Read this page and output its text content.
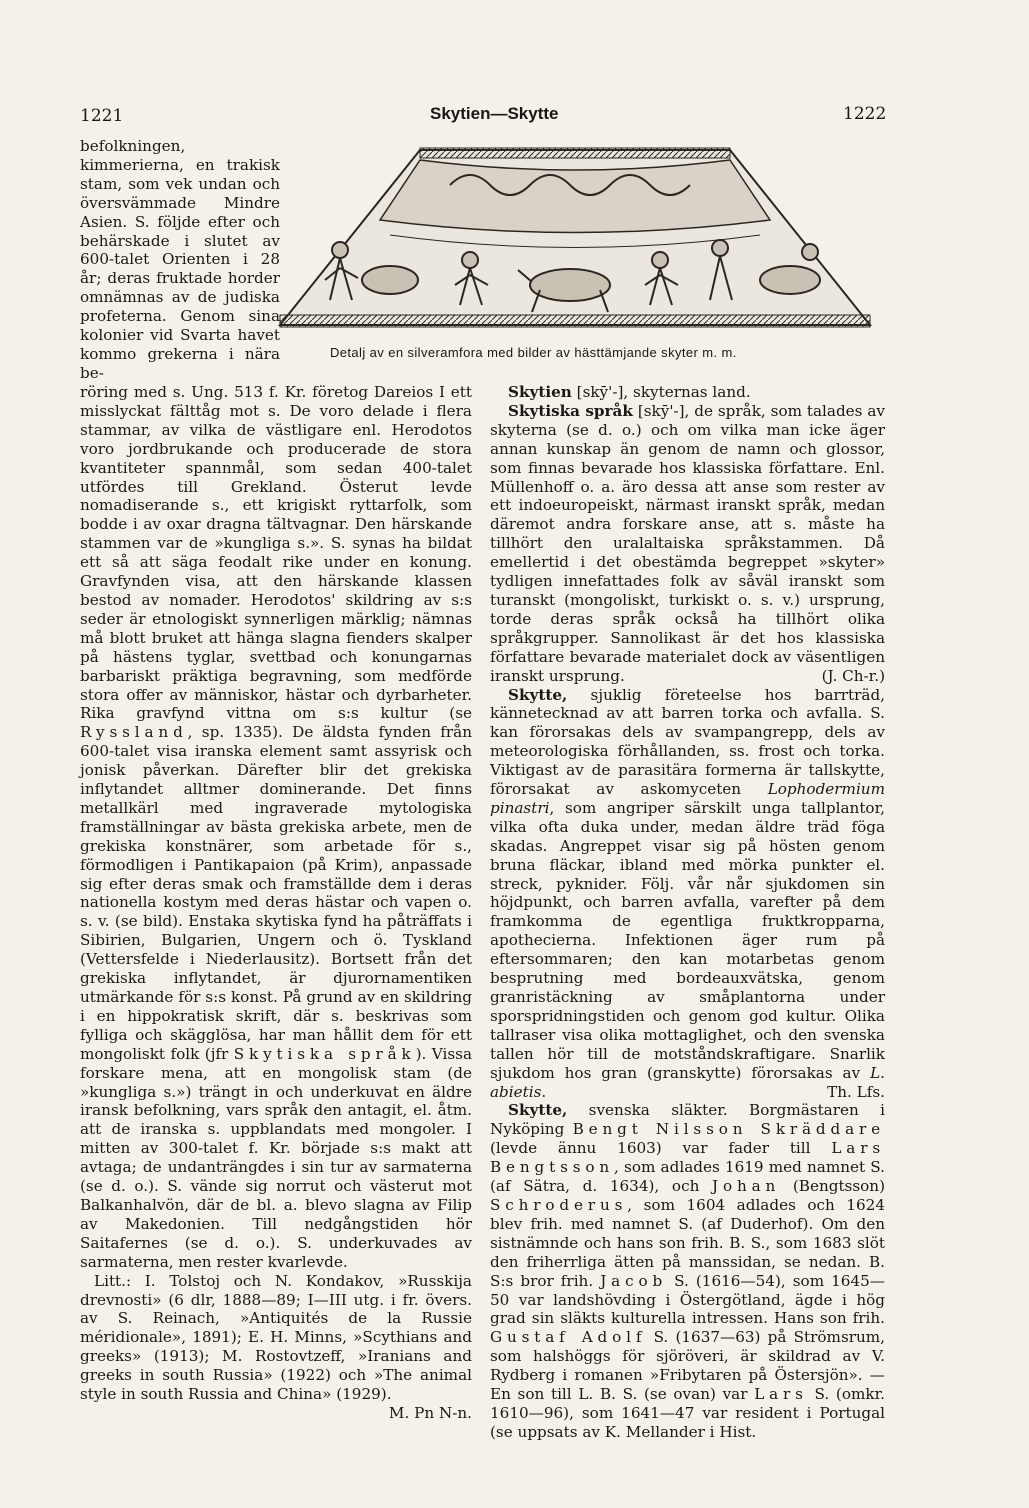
1221	Skytien—Skytte	1222
Detalj av en silveramfora med bilder av hästtämjande skyter m. m.

befolkningen, kimmerierna, en trakisk stam, som vek undan och översvämmade Mindre Asien. S. följde efter och behärskade i slutet av 600-talet Orienten i 28 år; deras fruktade horder omnämnas av de judiska profeterna. Genom sina kolonier vid Svarta havet kommo grekerna i nära be-

röring med s. Ung. 513 f. Kr. företog Dareios I ett misslyckat fälttåg mot s. De voro delade i flera stammar, av vilka de västligare enl. Herodotos voro jordbrukande och producerade de stora kvantiteter spannmål, som sedan 400-talet utfördes till Grekland. Österut levde nomadiserande s., ett krigiskt ryttarfolk, som bodde i av oxar dragna tältvagnar. Den härskande stammen var de »kungliga s.». S. synas ha bildat ett så att säga feodalt rike under en konung. Gravfynden visa, att den härskande klassen bestod av nomader. Herodotos' skildring av s:s seder är etnologiskt synnerligen märklig; nämnas må blott bruket att hänga slagna fienders skalper på hästens tyglar, svettbad och konungarnas barbariskt präktiga begravning, som medförde stora offer av människor, hästar och dyrbarheter. Rika gravfynd vittna om s:s kultur (se Ryssland, sp. 1335). De äldsta fynden från 600-talet visa iranska element samt assyrisk och jonisk påverkan. Därefter blir det grekiska inflytandet alltmer dominerande. Det finns metallkärl med ingraverade mytologiska framställningar av bästa grekiska arbete, men de grekiska konstnärer, som arbetade för s., förmodligen i Pantikapaion (på Krim), anpassade sig efter deras smak och framställde dem i deras nationella kostym med deras hästar och vapen o. s. v. (se bild). Enstaka skytiska fynd ha påträffats i Sibirien, Bulgarien, Ungern och ö. Tyskland (Vettersfelde i Niederlausitz). Bortsett från det grekiska inflytandet, är djurornamentiken utmärkande för s:s konst. På grund av en skildring i en hippokratisk skrift, där s. beskrivas som fylliga och skägglösa, har man hållit dem för ett mongoliskt folk (jfr Skytiska språk). Vissa forskare mena, att en mongolisk stam (de »kungliga s.») trängt in och underkuvat en äldre iransk befolkning, vars språk den antagit, el. åtm. att de iranska s. uppblandats med mongoler. I mitten av 300-talet f. Kr. började s:s makt att avtaga; de undanträngdes i sin tur av sarmaterna (se d. o.). S. vände sig norrut och västerut mot Balkanhalvön, där de bl. a. blevo slagna av Filip av Makedonien. Till nedgångstiden hör Saitafernes (se d. o.). S. underkuvades av sarmaterna, men rester kvarlevde.

Litt.: I. Tolstoj och N. Kondakov, »Russkija drevnosti» (6 dlr, 1888—89; I—III utg. i fr. övers. av S. Reinach, »Antiquités de la Russie méridionale», 1891); E. H. Minns, »Scythians and greeks» (1913); M. Rostovtzeff, »Iranians and greeks in south Russia» (1922) och »The animal style in south Russia and China» (1929).
M. Pn N-n.

Skytien [skȳ'-], skyternas land.

Skytiska språk [skȳ'-], de språk, som talades av skyterna (se d. o.) och om vilka man icke äger annan kunskap än genom de namn och glossor, som finnas bevarade hos klassiska författare. Enl. Müllenhoff o. a. äro dessa att anse som rester av ett indoeuropeiskt, närmast iranskt språk, medan däremot andra forskare anse, att s. måste ha tillhört den uralaltaiska språkstammen. Då emellertid i det obestämda begreppet »skyter» tydligen innefattades folk av såväl iranskt som turanskt (mongoliskt, turkiskt o. s. v.) ursprung, torde deras språk också ha tillhört olika språkgrupper. Sannolikast är det hos klassiska författare bevarade materialet dock av väsentligen iranskt ursprung.	(J. Ch-r.)

Skytte, sjuklig företeelse hos barrträd, kännetecknad av att barren torka och avfalla. S. kan förorsakas dels av svampangrepp, dels av meteorologiska förhållanden, ss. frost och torka. Viktigast av de parasitära formerna är tallskytte, förorsakat av askomyceten Lophodermium pinastri, som angriper särskilt unga tallplantor, vilka ofta duka under, medan äldre träd föga skadas. Angreppet visar sig på hösten genom bruna fläckar, ibland med mörka punkter el. streck, pyknider. Följ. vår når sjukdomen sin höjdpunkt, och barren avfalla, varefter på dem framkomma de egentliga fruktkropparna, apothecierna. Infektionen äger rum på eftersommaren; den kan motarbetas genom besprutning med bordeauxvätska, genom granristäckning av småplantorna under sporspridningstiden och genom god kultur. Olika tallraser visa olika mottaglighet, och den svenska tallen hör till de motståndskraftigare. Snarlik sjukdom hos gran (granskytte) förorsakas av L. abietis.	Th. Lfs.

Skytte, svenska släkter. Borgmästaren i Nyköping Bengt Nilsson Skräddare (levde ännu 1603) var fader till Lars Bengtsson, som adlades 1619 med namnet S. (af Sätra, d. 1634), och Johan (Bengtsson) Schroderus, som 1604 adlades och 1624 blev frih. med namnet S. (af Duderhof). Om den sistnämnde och hans son frih. B. S., som 1683 slöt den friherrliga ätten på manssidan, se nedan. B. S:s bror frih. Jacob S. (1616—54), som 1645—50 var landshövding i Östergötland, ägde i hög grad sin släkts kulturella intressen. Hans son frih. Gustaf Adolf S. (1637—63) på Strömsrum, som halshöggs för sjöröveri, är skildrad av V. Rydberg i romanen »Fribytaren på Östersjön». — En son till L. B. S. (se ovan) var Lars S. (omkr. 1610—96), som 1641—47 var resident i Portugal (se uppsats av K. Mellander i Hist.
